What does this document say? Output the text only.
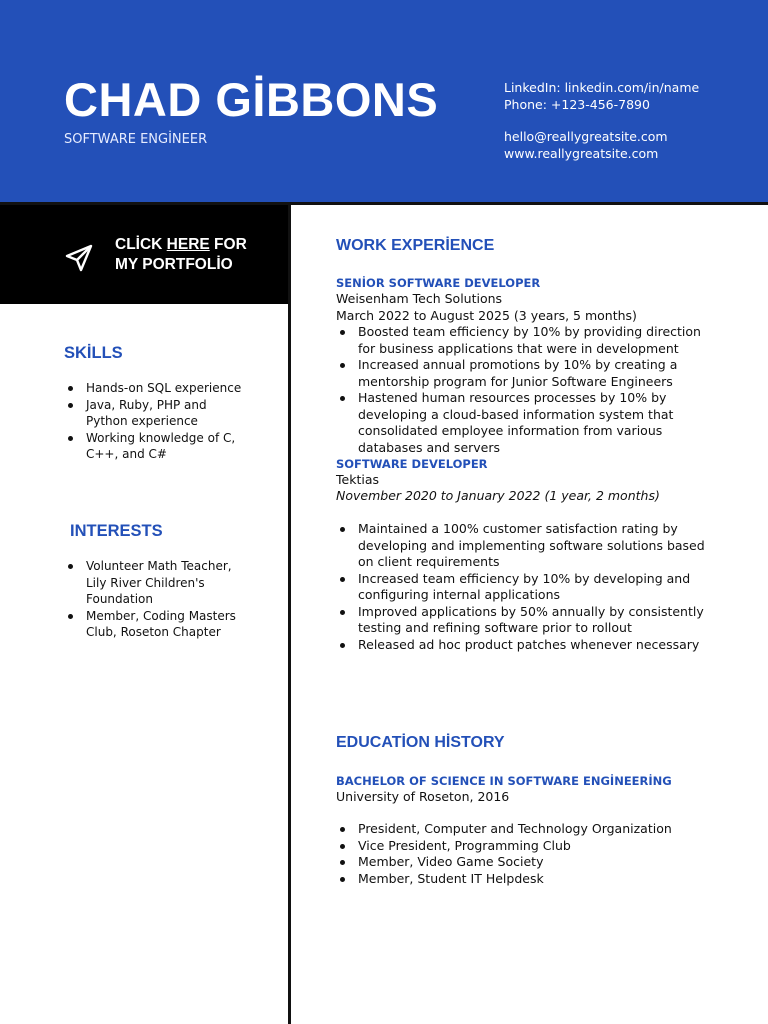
CHAD GİBBONS
SOFTWARE ENGİNEER
LinkedIn: linkedin.com/in/name
Phone: +123-456-7890
hello@reallygreatsite.com
www.reallygreatsite.com
CLİCK HERE FOR
MY PORTFOLİO
SKİLLS
Hands-on SQL experience
Java, Ruby, PHP and Python experience
Working knowledge of C, C++, and C#
INTERESTS
Volunteer Math Teacher, Lily River Children's Foundation
Member, Coding Masters Club, Roseton Chapter
WORK EXPERİENCE
SENİOR SOFTWARE DEVELOPER
Weisenham Tech Solutions
March 2022 to August 2025 (3 years, 5 months)
Boosted team efficiency by 10% by providing direction for business applications that were in development
Increased annual promotions by 10% by creating a mentorship program for Junior Software Engineers
Hastened human resources processes by 10% by developing a cloud-based information system that consolidated employee information from various databases and servers
SOFTWARE DEVELOPER
Tektias
November 2020 to January 2022 (1 year, 2 months)
Maintained a 100% customer satisfaction rating by developing and implementing software solutions based on client requirements
Increased team efficiency by 10% by developing and configuring internal applications
Improved applications by 50% annually by consistently testing and refining software prior to rollout
Released ad hoc product patches whenever necessary
EDUCATİON HİSTORY
BACHELOR OF SCIENCE IN SOFTWARE ENGİNEERİNG
University of Roseton, 2016
President, Computer and Technology Organization
Vice President, Programming Club
Member, Video Game Society
Member, Student IT Helpdesk
